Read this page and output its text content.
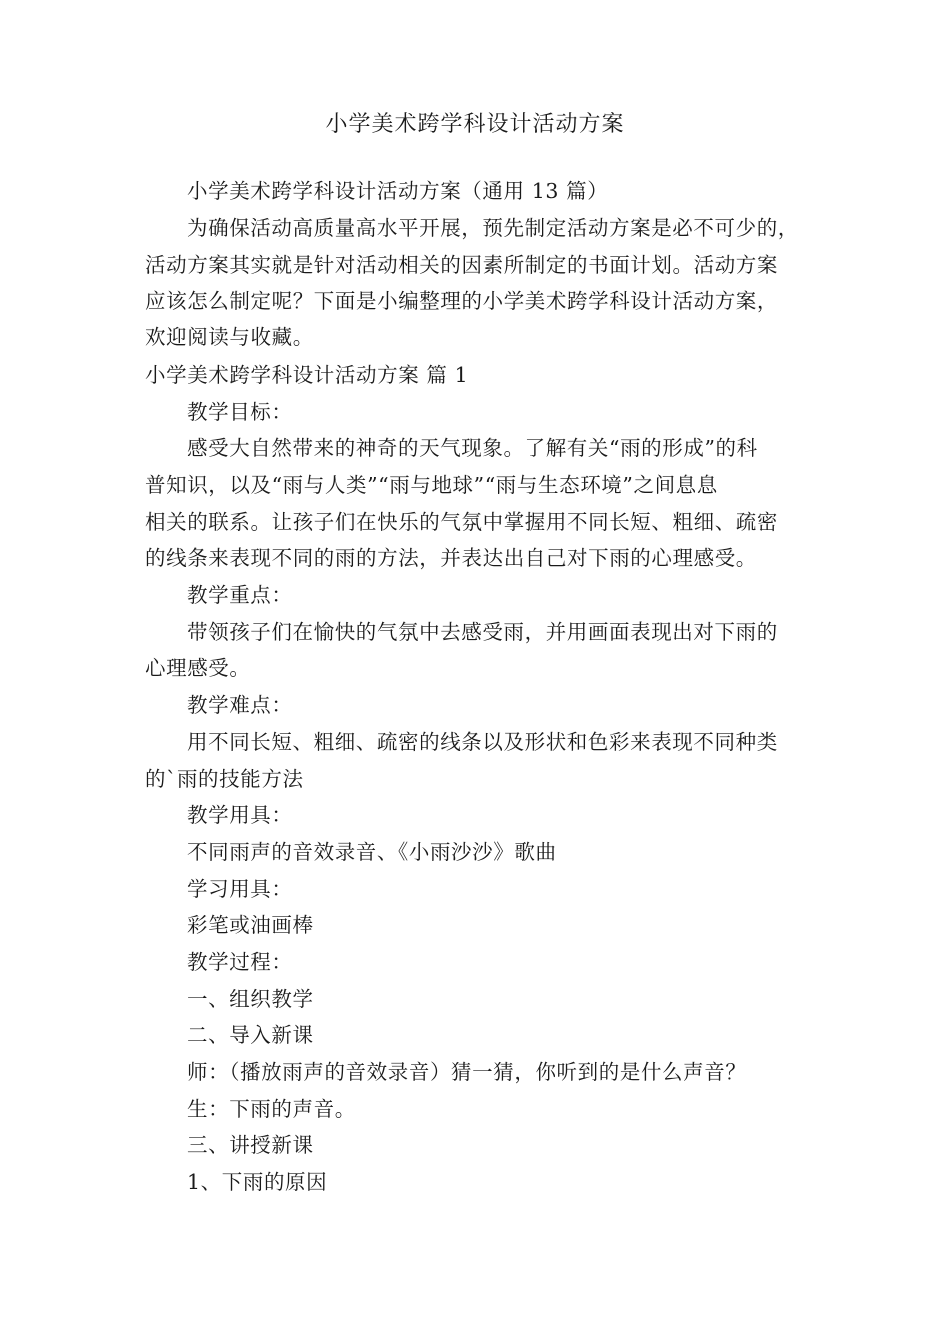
小学美术跨学科设计活动方案
小学美术跨学科设计活动方案（通用 13 篇）
为确保活动高质量高水平开展，预先制定活动方案是必不可少的，
活动方案其实就是针对活动相关的因素所制定的书面计划。活动方案
应该怎么制定呢？下面是小编整理的小学美术跨学科设计活动方案，
欢迎阅读与收藏。
小学美术跨学科设计活动方案 篇 1
教学目标：
感受大自然带来的神奇的天气现象。了解有关“雨的形成”的科
普知识，以及“雨与人类”“雨与地球”“雨与生态环境”之间息息
相关的联系。让孩子们在快乐的气氛中掌握用不同长短、粗细、疏密
的线条来表现不同的雨的方法，并表达出自己对下雨的心理感受。
教学重点：
带领孩子们在愉快的气氛中去感受雨，并用画面表现出对下雨的
心理感受。
教学难点：
用不同长短、粗细、疏密的线条以及形状和色彩来表现不同种类
的`雨的技能方法
教学用具：
不同雨声的音效录音、《小雨沙沙》歌曲
学习用具：
彩笔或油画棒
教学过程：
一、组织教学
二、导入新课
师：（播放雨声的音效录音）猜一猜，你听到的是什么声音？
生：下雨的声音。
三、讲授新课
1、下雨的原因
